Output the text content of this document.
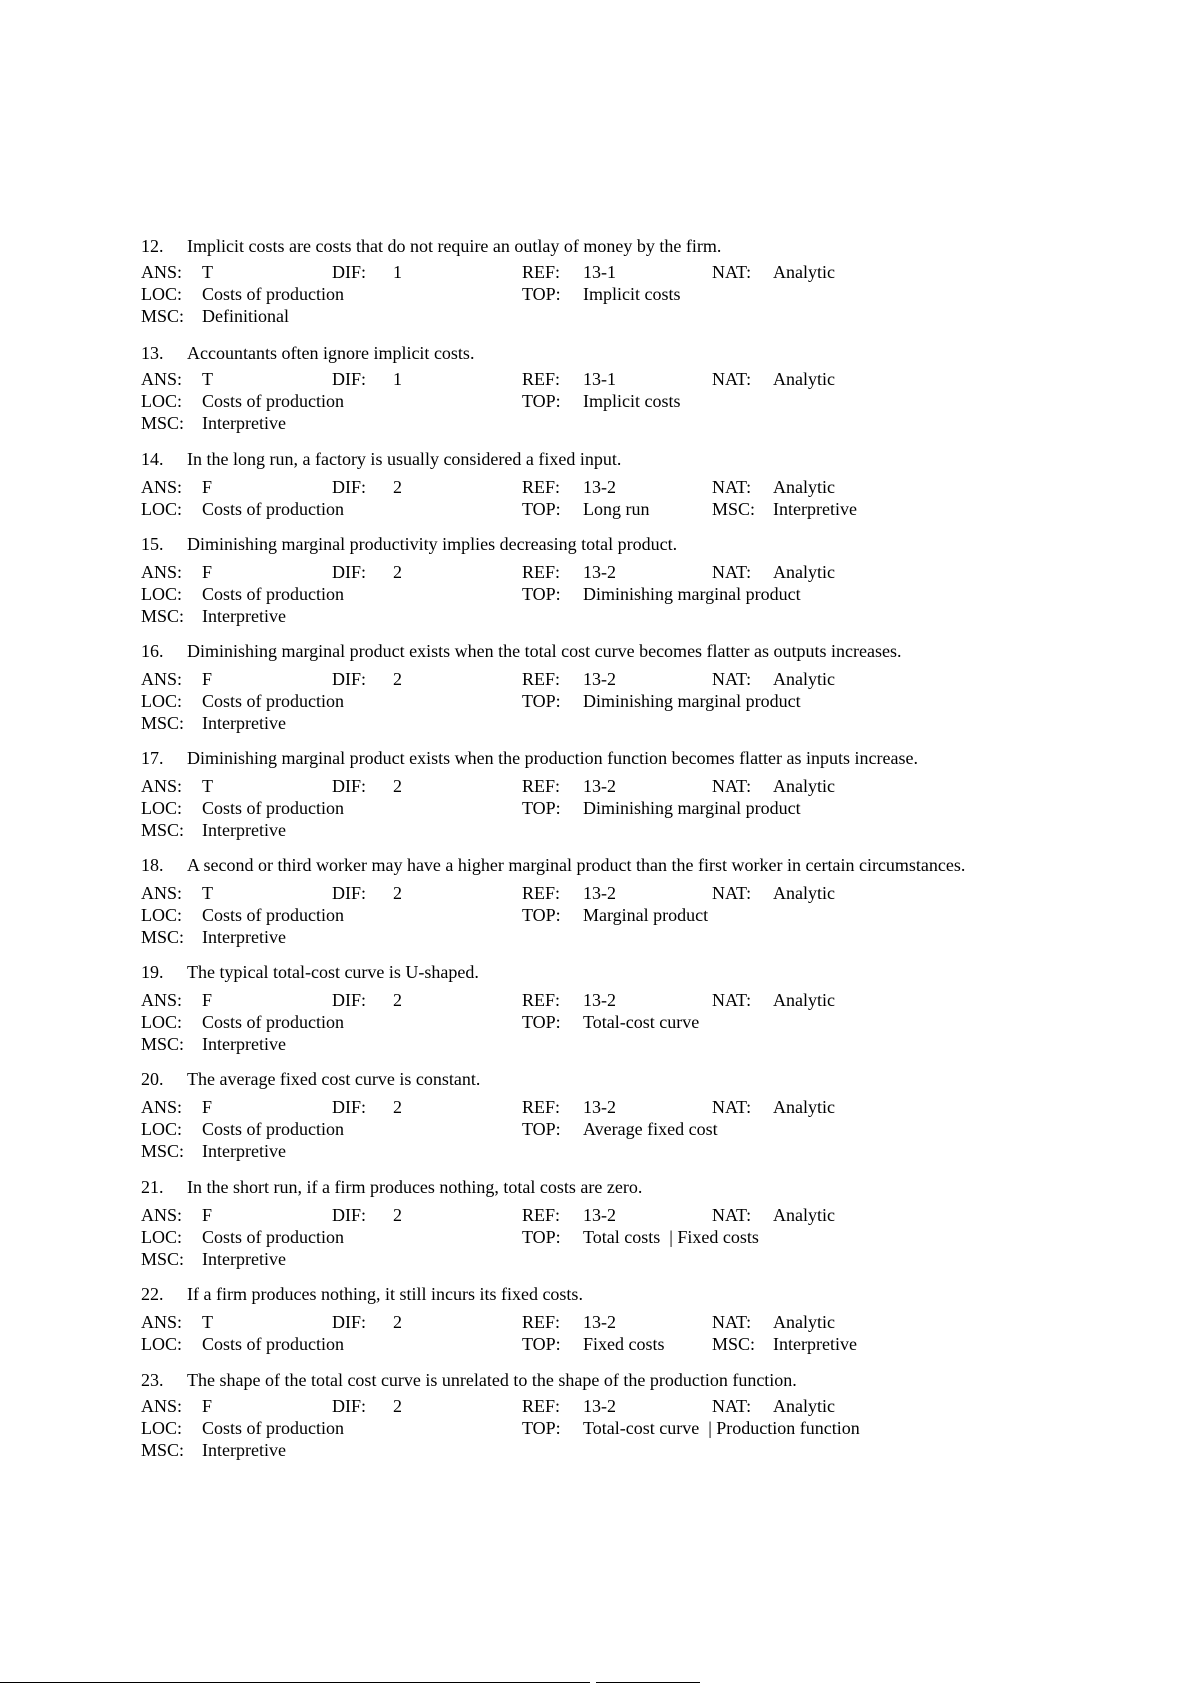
12. Implicit costs are costs that do not require an outlay of money by the firm.
ANS: T	DIF: 1	REF: 13-1	NAT: Analytic
LOC: Costs of production	TOP: Implicit costs
MSC: Definitional
13. Accountants often ignore implicit costs.
ANS: T	DIF: 1	REF: 13-1	NAT: Analytic
LOC: Costs of production	TOP: Implicit costs
MSC: Interpretive
14. In the long run, a factory is usually considered a fixed input.
ANS: F	DIF: 2	REF: 13-2	NAT: Analytic
LOC: Costs of production	TOP: Long run	MSC: Interpretive
15. Diminishing marginal productivity implies decreasing total product.
ANS: F	DIF: 2	REF: 13-2	NAT: Analytic
LOC: Costs of production	TOP: Diminishing marginal product
MSC: Interpretive
16. Diminishing marginal product exists when the total cost curve becomes flatter as outputs increases.
ANS: F	DIF: 2	REF: 13-2	NAT: Analytic
LOC: Costs of production	TOP: Diminishing marginal product
MSC: Interpretive
17. Diminishing marginal product exists when the production function becomes flatter as inputs increase.
ANS: T	DIF: 2	REF: 13-2	NAT: Analytic
LOC: Costs of production	TOP: Diminishing marginal product
MSC: Interpretive
18. A second or third worker may have a higher marginal product than the first worker in certain circumstances.
ANS: T	DIF: 2	REF: 13-2	NAT: Analytic
LOC: Costs of production	TOP: Marginal product
MSC: Interpretive
19. The typical total-cost curve is U-shaped.
ANS: F	DIF: 2	REF: 13-2	NAT: Analytic
LOC: Costs of production	TOP: Total-cost curve
MSC: Interpretive
20. The average fixed cost curve is constant.
ANS: F	DIF: 2	REF: 13-2	NAT: Analytic
LOC: Costs of production	TOP: Average fixed cost
MSC: Interpretive
21. In the short run, if a firm produces nothing, total costs are zero.
ANS: F	DIF: 2	REF: 13-2	NAT: Analytic
LOC: Costs of production	TOP: Total costs  | Fixed costs
MSC: Interpretive
22. If a firm produces nothing, it still incurs its fixed costs.
ANS: T	DIF: 2	REF: 13-2	NAT: Analytic
LOC: Costs of production	TOP: Fixed costs	MSC: Interpretive
23. The shape of the total cost curve is unrelated to the shape of the production function.
ANS: F	DIF: 2	REF: 13-2	NAT: Analytic
LOC: Costs of production	TOP: Total-cost curve  | Production function
MSC: Interpretive
